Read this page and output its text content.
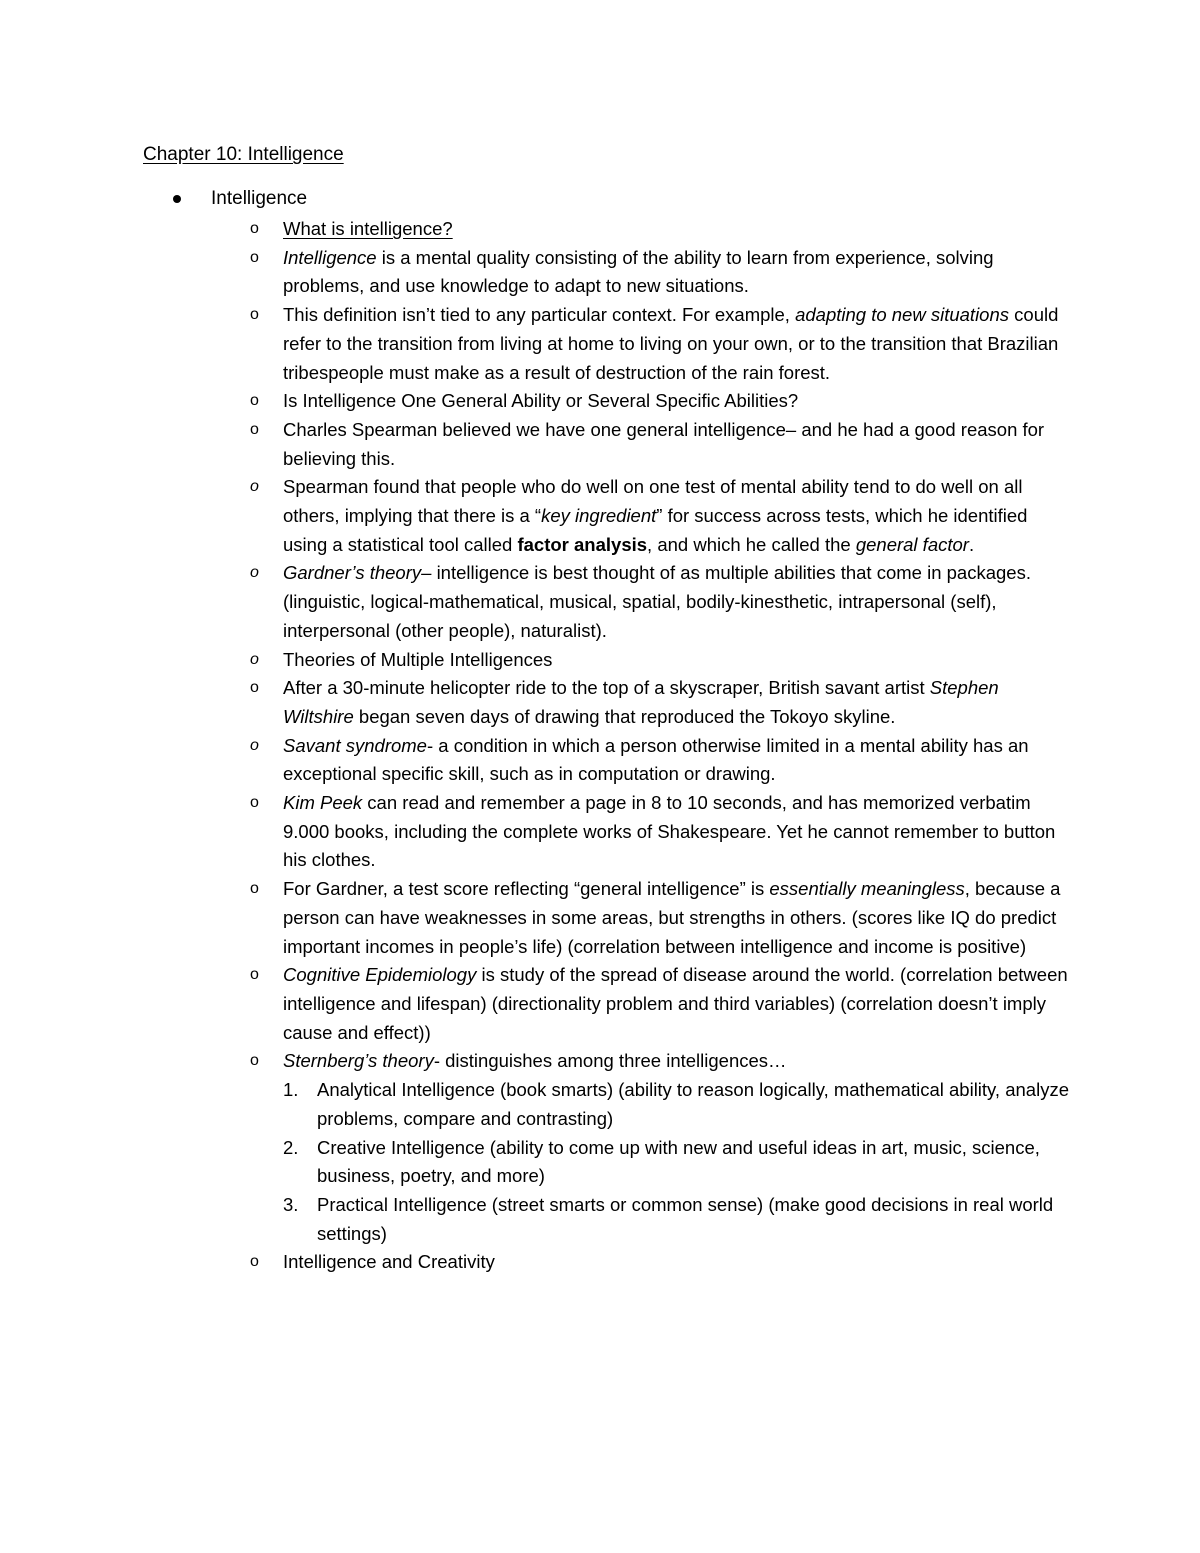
Chapter 10: Intelligence
Intelligence
o What is intelligence?
o Intelligence is a mental quality consisting of the ability to learn from experience, solving problems, and use knowledge to adapt to new situations.
o This definition isn’t tied to any particular context. For example, adapting to new situations could refer to the transition from living at home to living on your own, or to the transition that Brazilian tribespeople must make as a result of destruction of the rain forest.
o Is Intelligence One General Ability or Several Specific Abilities?
o Charles Spearman believed we have one general intelligence– and he had a good reason for believing this.
o Spearman found that people who do well on one test of mental ability tend to do well on all others, implying that there is a “key ingredient” for success across tests, which he identified using a statistical tool called factor analysis, and which he called the general factor.
o Gardner’s theory– intelligence is best thought of as multiple abilities that come in packages. (linguistic, logical-mathematical, musical, spatial, bodily-kinesthetic, intrapersonal (self), interpersonal (other people), naturalist).
o Theories of Multiple Intelligences
o After a 30-minute helicopter ride to the top of a skyscraper, British savant artist Stephen Wiltshire began seven days of drawing that reproduced the Tokoyo skyline.
o Savant syndrome- a condition in which a person otherwise limited in a mental ability has an exceptional specific skill, such as in computation or drawing.
o Kim Peek can read and remember a page in 8 to 10 seconds, and has memorized verbatim 9.000 books, including the complete works of Shakespeare. Yet he cannot remember to button his clothes.
o For Gardner, a test score reflecting “general intelligence” is essentially meaningless, because a person can have weaknesses in some areas, but strengths in others. (scores like IQ do predict important incomes in people’s life) (correlation between intelligence and income is positive)
o Cognitive Epidemiology is study of the spread of disease around the world. (correlation between intelligence and lifespan) (directionality problem and third variables) (correlation doesn’t imply cause and effect))
o Sternberg’s theory- distinguishes among three intelligences…
1. Analytical Intelligence (book smarts) (ability to reason logically, mathematical ability, analyze problems, compare and contrasting)
2. Creative Intelligence (ability to come up with new and useful ideas in art, music, science, business, poetry, and more)
3. Practical Intelligence (street smarts or common sense) (make good decisions in real world settings)
o Intelligence and Creativity
